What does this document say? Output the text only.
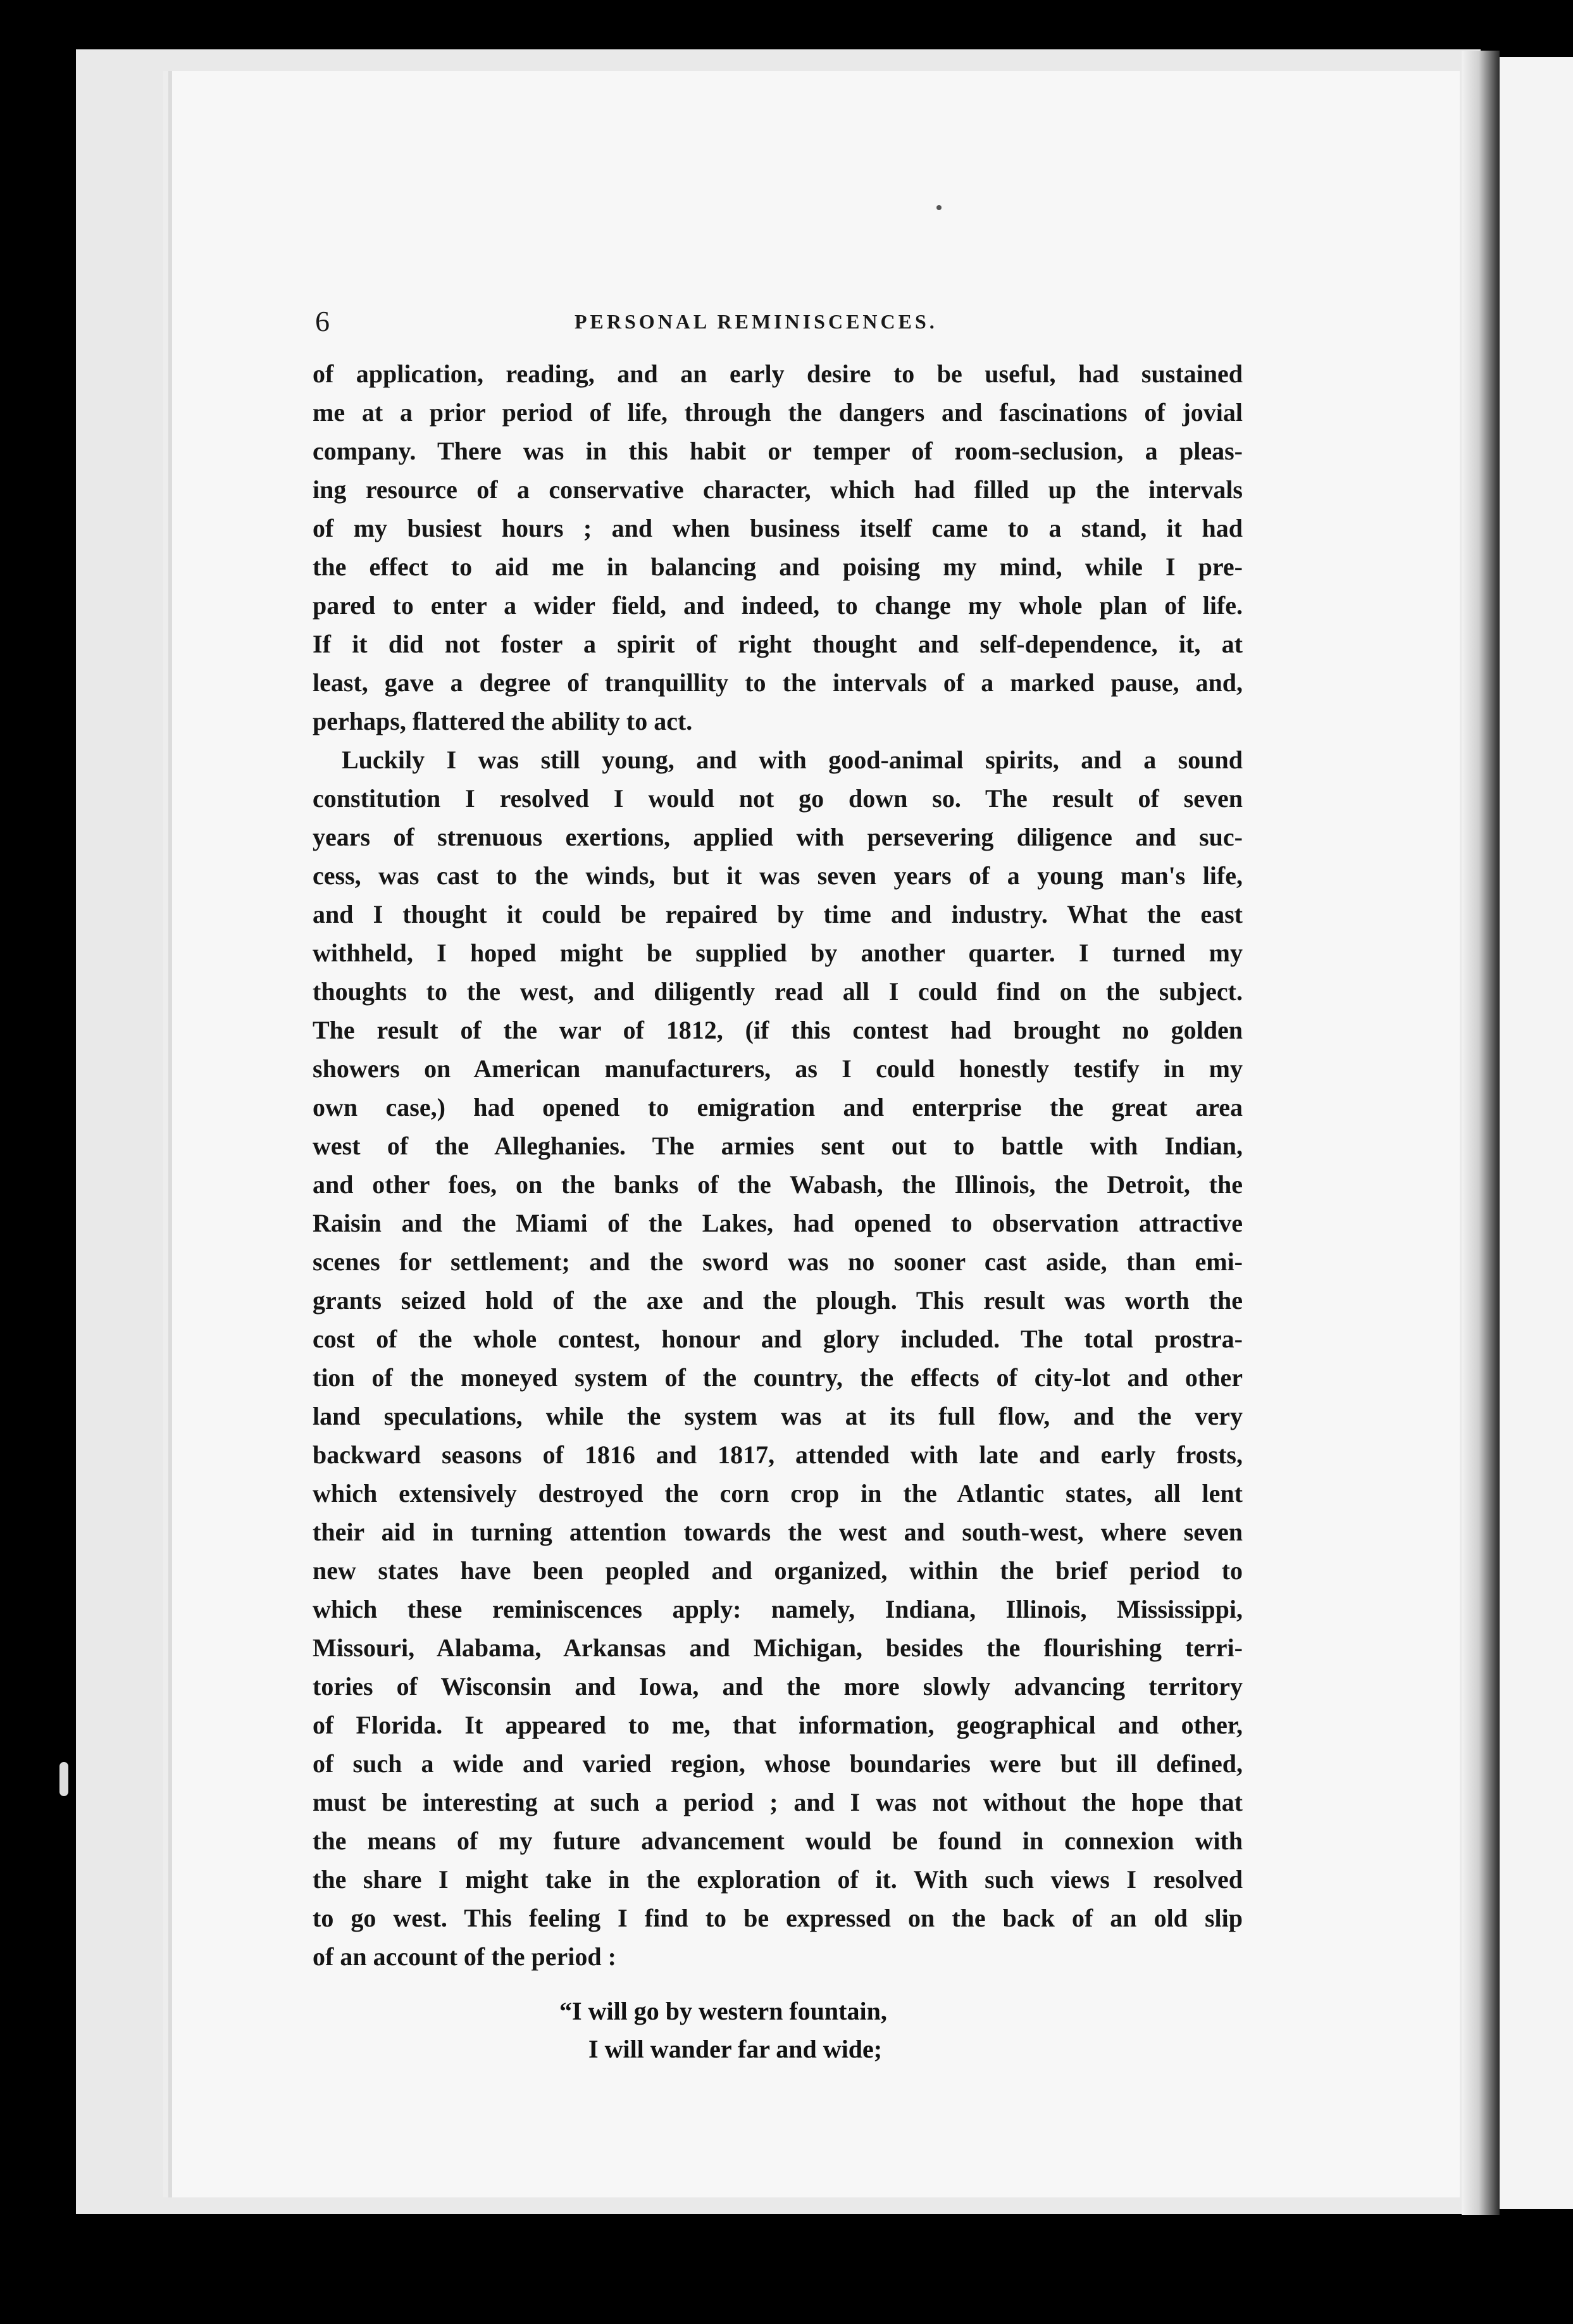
6	PERSONAL REMINISCENCES.
of application, reading, and an early desire to be useful, had sustained
me at a prior period of life, through the dangers and fascinations of jovial
company. There was in this habit or temper of room-seclusion, a pleas-
ing resource of a conservative character, which had filled up the intervals
of my busiest hours ; and when business itself came to a stand, it had
the effect to aid me in balancing and poising my mind, while I pre-
pared to enter a wider field, and indeed, to change my whole plan of life.
If it did not foster a spirit of right thought and self-dependence, it, at
least, gave a degree of tranquillity to the intervals of a marked pause, and,
perhaps, flattered the ability to act.
Luckily I was still young, and with good-animal spirits, and a sound
constitution I resolved I would not go down so. The result of seven
years of strenuous exertions, applied with persevering diligence and suc-
cess, was cast to the winds, but it was seven years of a young man's life,
and I thought it could be repaired by time and industry. What the east
withheld, I hoped might be supplied by another quarter. I turned my
thoughts to the west, and diligently read all I could find on the subject.
The result of the war of 1812, (if this contest had brought no golden
showers on American manufacturers, as I could honestly testify in my
own case,) had opened to emigration and enterprise the great area
west of the Alleghanies. The armies sent out to battle with Indian,
and other foes, on the banks of the Wabash, the Illinois, the Detroit, the
Raisin and the Miami of the Lakes, had opened to observation attractive
scenes for settlement; and the sword was no sooner cast aside, than emi-
grants seized hold of the axe and the plough. This result was worth the
cost of the whole contest, honour and glory included. The total prostra-
tion of the moneyed system of the country, the effects of city-lot and other
land speculations, while the system was at its full flow, and the very
backward seasons of 1816 and 1817, attended with late and early frosts,
which extensively destroyed the corn crop in the Atlantic states, all lent
their aid in turning attention towards the west and south-west, where seven
new states have been peopled and organized, within the brief period to
which these reminiscences apply: namely, Indiana, Illinois, Mississippi,
Missouri, Alabama, Arkansas and Michigan, besides the flourishing terri-
tories of Wisconsin and Iowa, and the more slowly advancing territory
of Florida. It appeared to me, that information, geographical and other,
of such a wide and varied region, whose boundaries were but ill defined,
must be interesting at such a period ; and I was not without the hope that
the means of my future advancement would be found in connexion with
the share I might take in the exploration of it. With such views I resolved
to go west. This feeling I find to be expressed on the back of an old slip
of an account of the period :
“I will go by western fountain,
I will wander far and wide;
